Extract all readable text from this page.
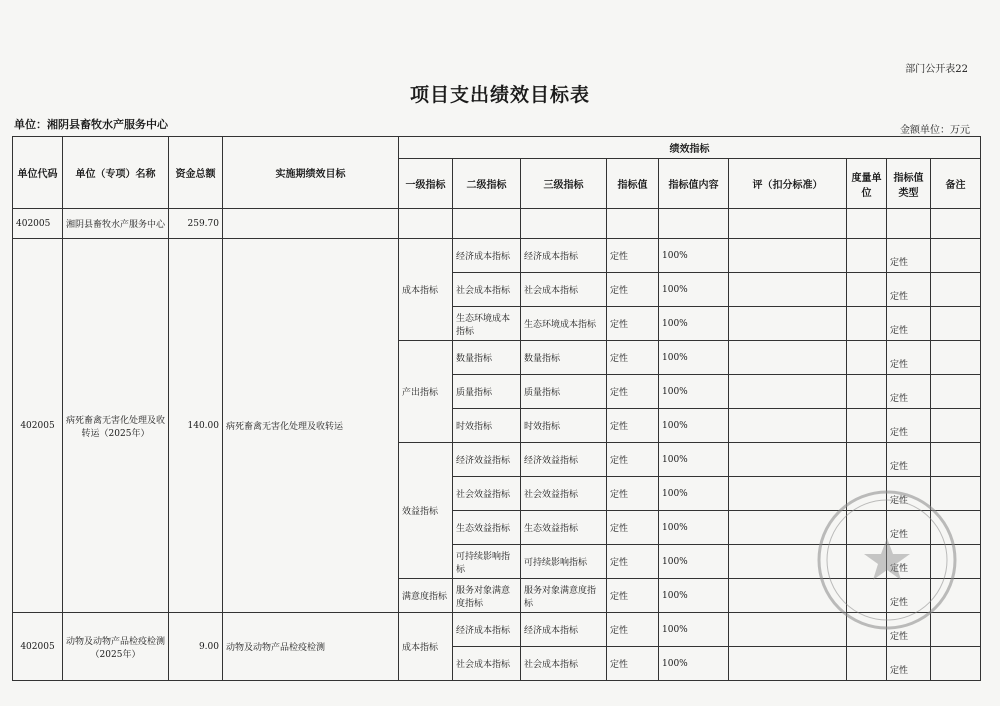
部门公开表22
项目支出绩效目标表
单位：湘阴县畜牧水产服务中心	金额单位：万元
单位代码	单位（专项）名称	资金总额	实施期绩效目标	绩效指标								
				一级指标	二级指标	三级指标	指标值	指标值内容	评（扣分标准）	度量单位	指标值类型	备注
402005	湘阴县畜牧水产服务中心	259.70										
402005	病死畜禽无害化处理及收转运（2025年）	140.00	病死畜禽无害化处理及收转运	成本指标	经济成本指标	经济成本指标	定性	100%			定性	
					社会成本指标	社会成本指标	定性	100%			定性	
					生态环境成本指标	生态环境成本指标	定性	100%			定性	
				产出指标	数量指标	数量指标	定性	100%			定性	
					质量指标	质量指标	定性	100%			定性	
					时效指标	时效指标	定性	100%			定性	
				效益指标	经济效益指标	经济效益指标	定性	100%			定性	
					社会效益指标	社会效益指标	定性	100%			定性	
					生态效益指标	生态效益指标	定性	100%			定性	
					可持续影响指标	可持续影响指标	定性	100%			定性	
				满意度指标	服务对象满意度指标	服务对象满意度指标	定性	100%			定性	
402005	动物及动物产品检疫检测（2025年）	9.00	动物及动物产品检疫检测	成本指标	经济成本指标	经济成本指标	定性	100%			定性	
					社会成本指标	社会成本指标	定性	100%			定性	
